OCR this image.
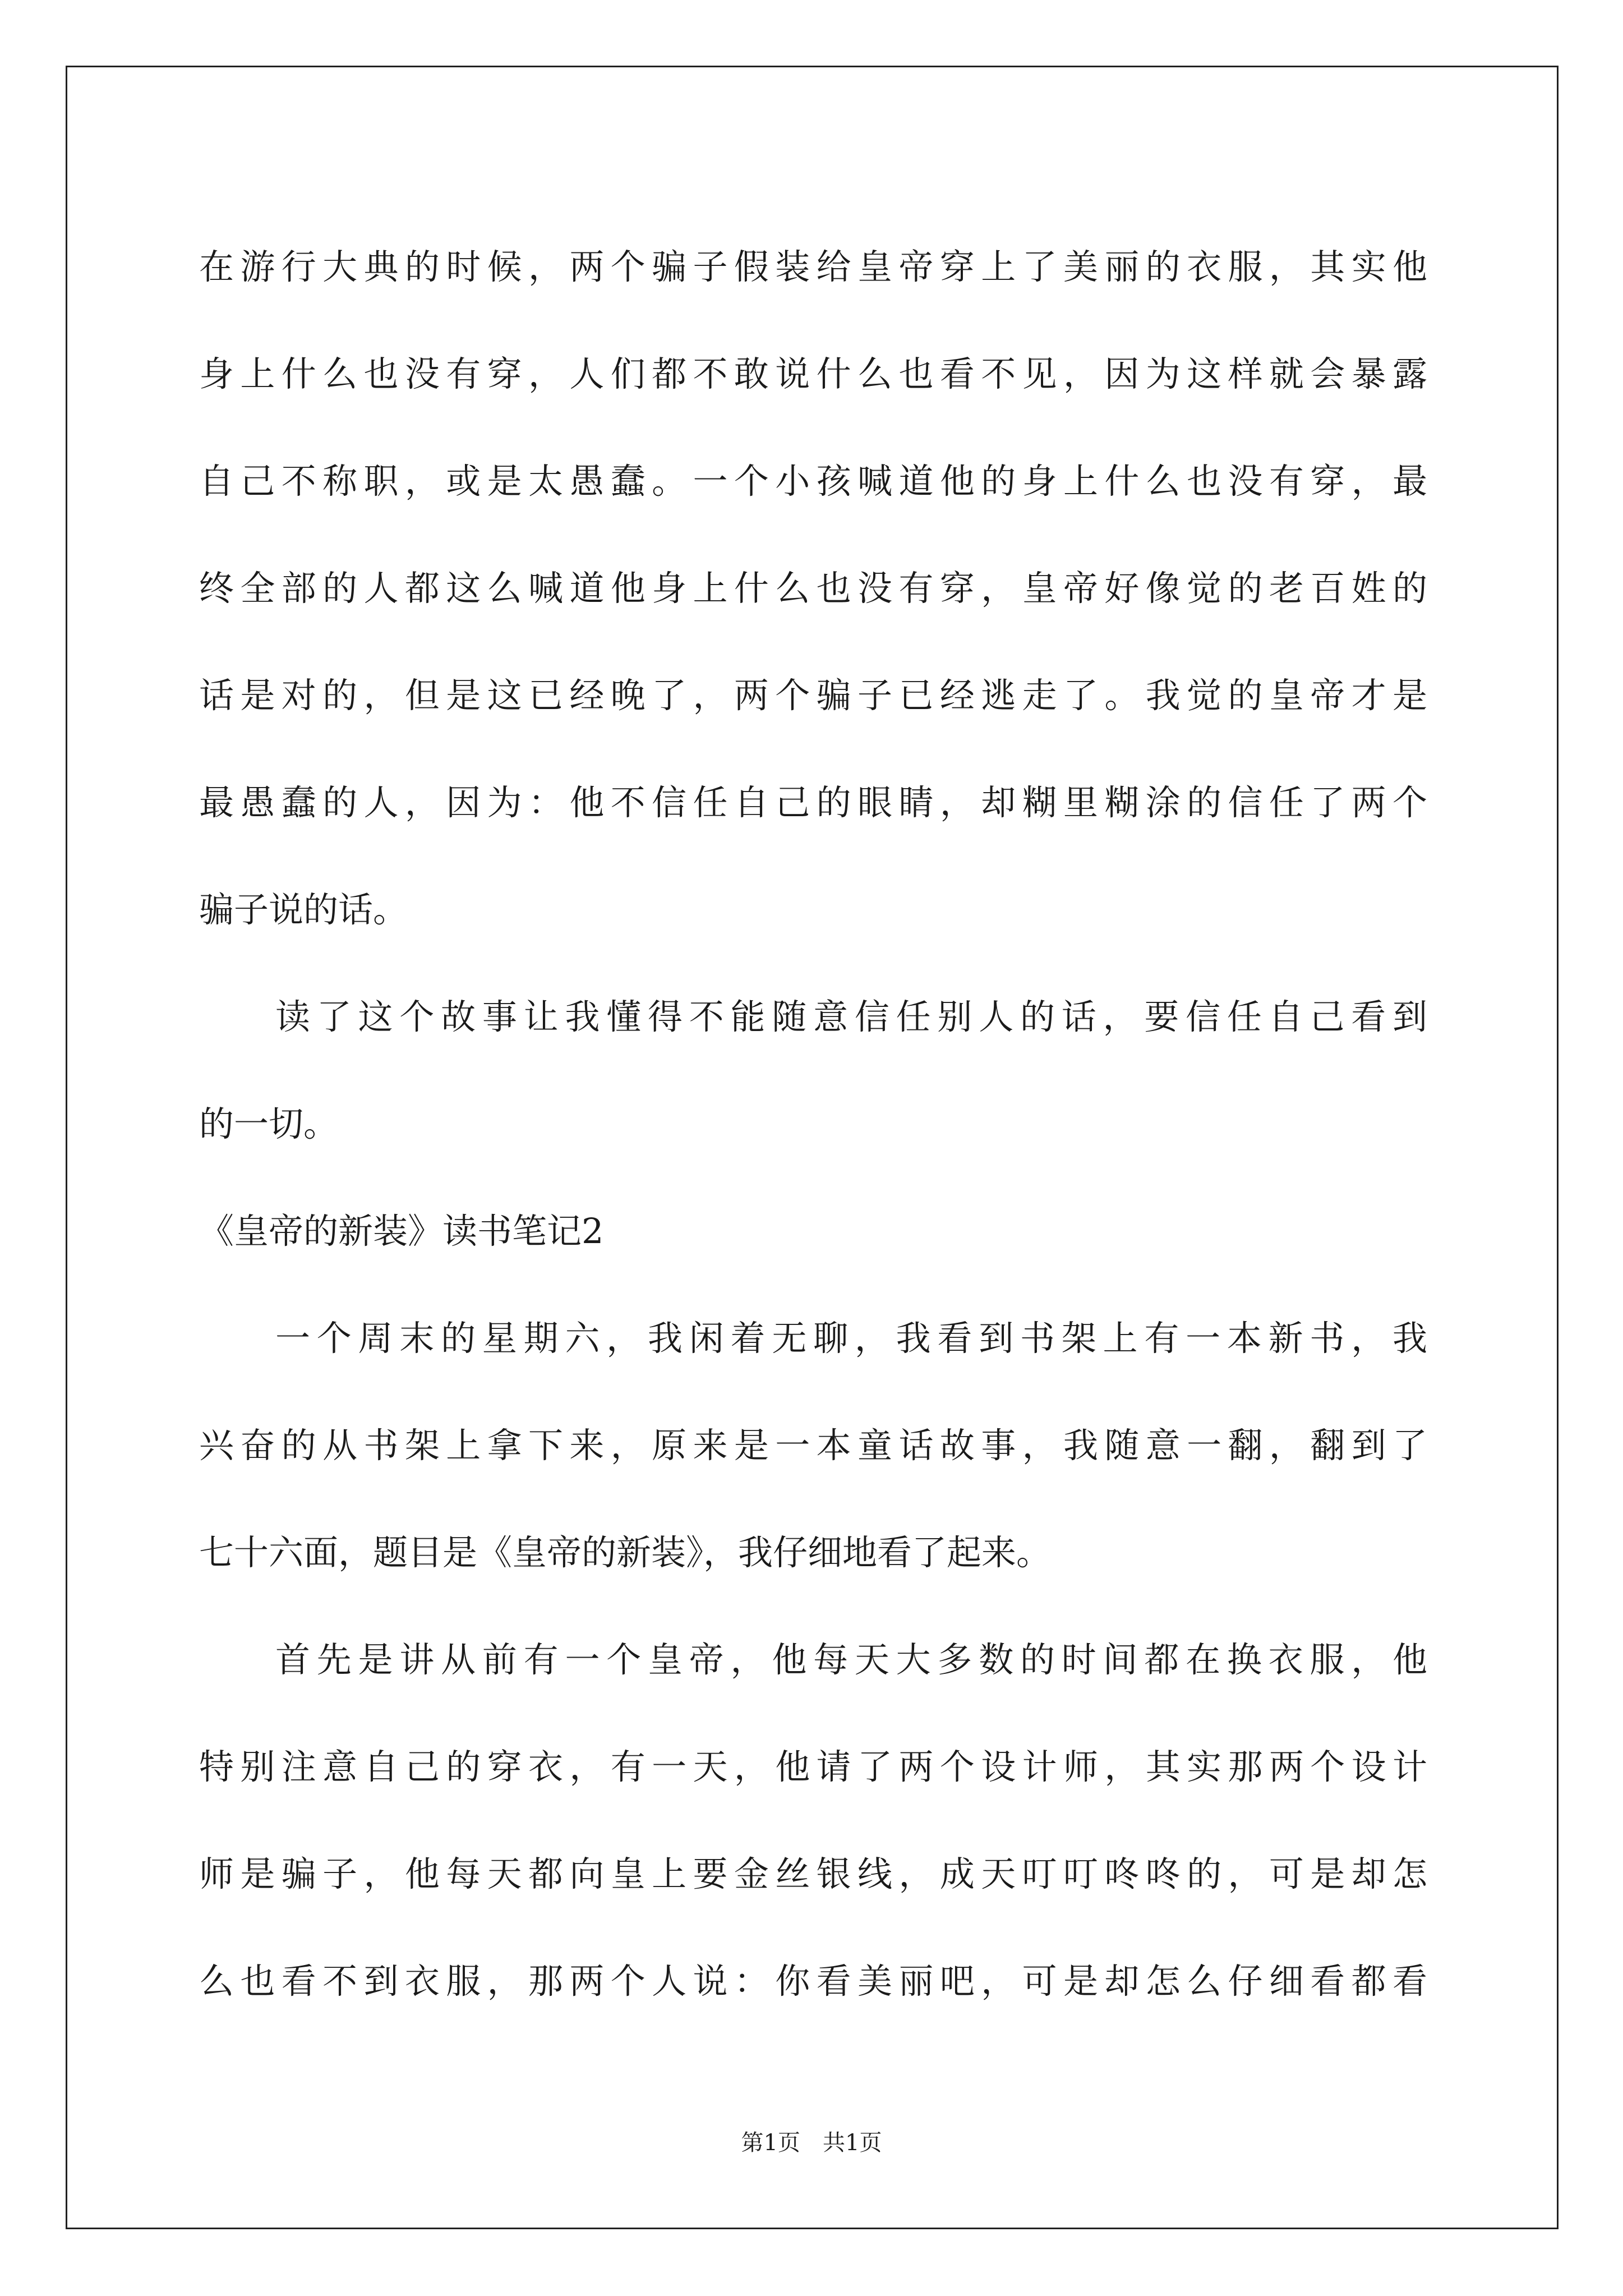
在游行大典的时候，两个骗子假装给皇帝穿上了美丽的衣服，其实他
身上什么也没有穿，人们都不敢说什么也看不见，因为这样就会暴露
自己不称职，或是太愚蠢。一个小孩喊道他的身上什么也没有穿，最
终全部的人都这么喊道他身上什么也没有穿，皇帝好像觉的老百姓的
话是对的，但是这已经晚了，两个骗子已经逃走了。我觉的皇帝才是
最愚蠢的人，因为：他不信任自己的眼睛，却糊里糊涂的信任了两个
骗子说的话。
读了这个故事让我懂得不能随意信任别人的话，要信任自己看到
的一切。
《皇帝的新装》读书笔记2
一个周末的星期六，我闲着无聊，我看到书架上有一本新书，我
兴奋的从书架上拿下来，原来是一本童话故事，我随意一翻，翻到了
七十六面，题目是《皇帝的新装》，我仔细地看了起来。
首先是讲从前有一个皇帝，他每天大多数的时间都在换衣服，他
特别注意自己的穿衣，有一天，他请了两个设计师，其实那两个设计
师是骗子，他每天都向皇上要金丝银线，成天叮叮咚咚的，可是却怎
么也看不到衣服，那两个人说：你看美丽吧，可是却怎么仔细看都看
第1页　共1页
